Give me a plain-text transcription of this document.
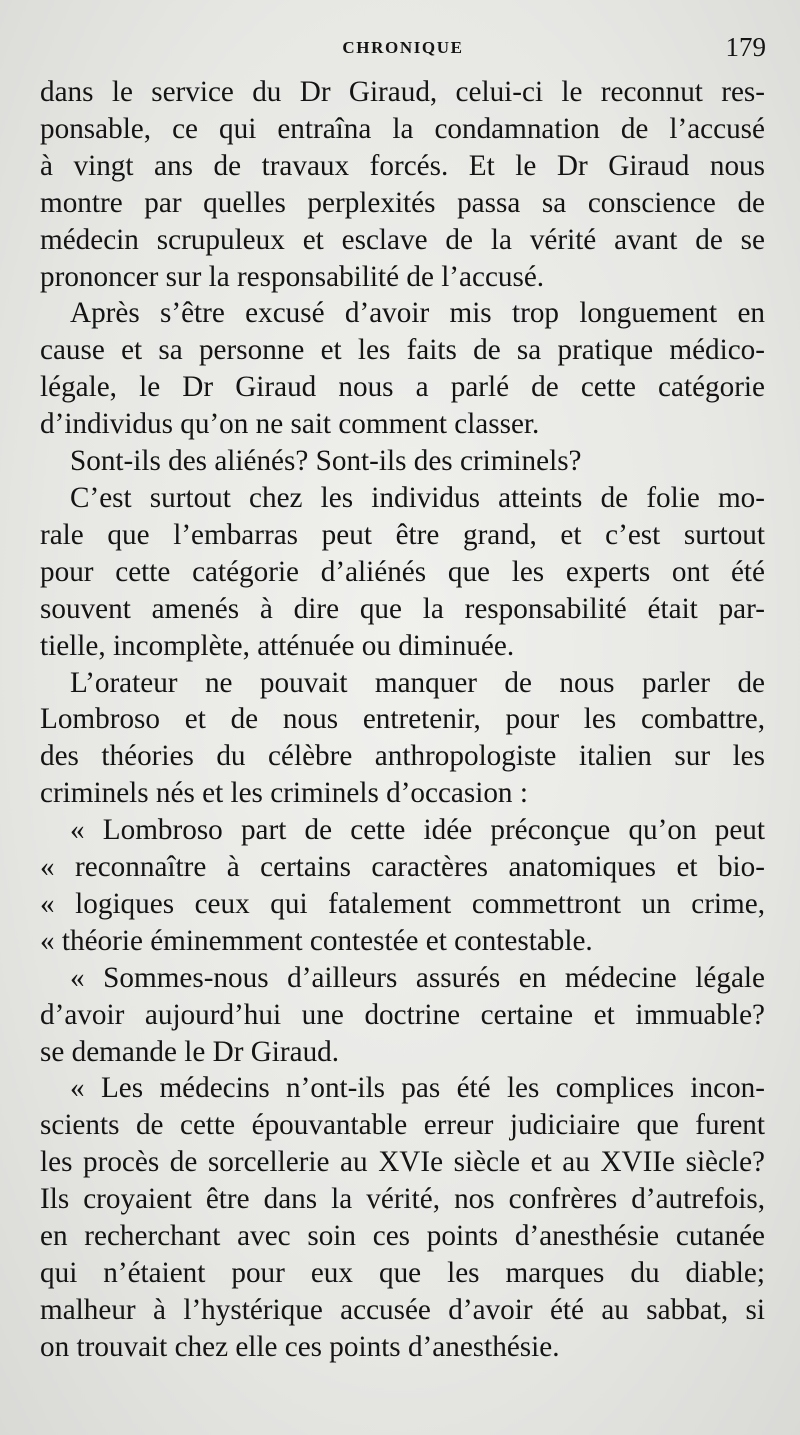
CHRONIQUE	179

dans le service du Dr Giraud, celui-ci le reconnut res-

ponsable, ce qui entraîna la condamnation de l’accusé

à vingt ans de travaux forcés. Et le Dr Giraud nous

montre par quelles perplexités passa sa conscience de

médecin scrupuleux et esclave de la vérité avant de se

prononcer sur la responsabilité de l’accusé.

Après s’être excusé d’avoir mis trop longuement en

cause et sa personne et les faits de sa pratique médico-

légale, le Dr Giraud nous a parlé de cette catégorie

d’individus qu’on ne sait comment classer.

Sont-ils des aliénés? Sont-ils des criminels?

C’est surtout chez les individus atteints de folie mo-

rale que l’embarras peut être grand, et c’est surtout

pour cette catégorie d’aliénés que les experts ont été

souvent amenés à dire que la responsabilité était par-

tielle, incomplète, atténuée ou diminuée.

L’orateur ne pouvait manquer de nous parler de

Lombroso et de nous entretenir, pour les combattre,

des théories du célèbre anthropologiste italien sur les

criminels nés et les criminels d’occasion :

« Lombroso part de cette idée préconçue qu’on peut

« reconnaître à certains caractères anatomiques et bio-

« logiques ceux qui fatalement commettront un crime,

« théorie éminemment contestée et contestable.

« Sommes-nous d’ailleurs assurés en médecine légale

d’avoir aujourd’hui une doctrine certaine et immuable?

se demande le Dr Giraud.

« Les médecins n’ont-ils pas été les complices incon-

scients de cette épouvantable erreur judiciaire que furent

les procès de sorcellerie au XVIe siècle et au XVIIe siècle?

Ils croyaient être dans la vérité, nos confrères d’autrefois,

en recherchant avec soin ces points d’anesthésie cutanée

qui n’étaient pour eux que les marques du diable;

malheur à l’hystérique accusée d’avoir été au sabbat, si

on trouvait chez elle ces points d’anesthésie.
